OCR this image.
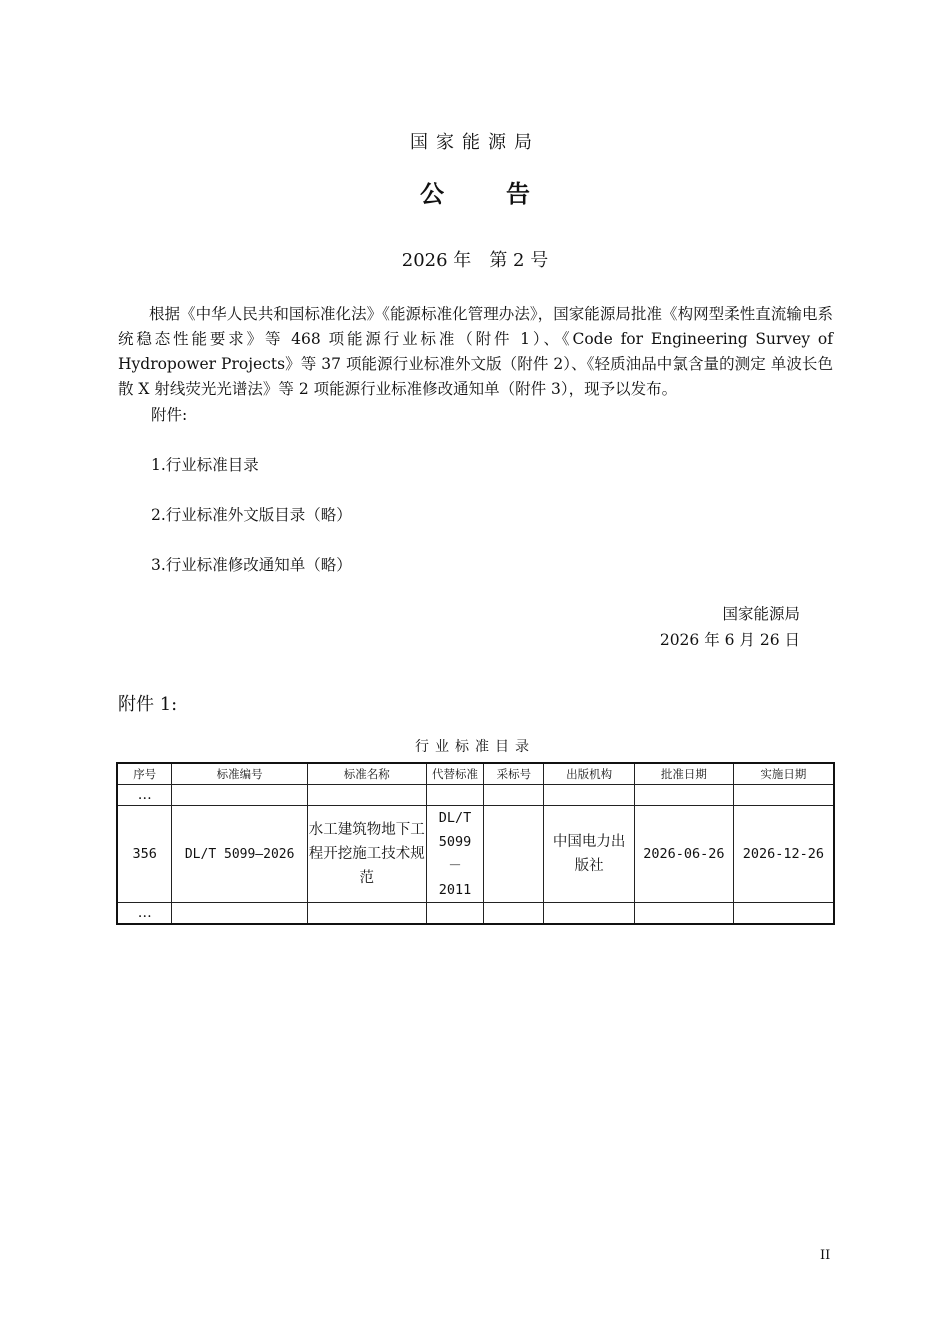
国家能源局
公	告
2026 年 第 2 号
根据《中华人民共和国标准化法》《能源标准化管理办法》，国家能源局批准《构网型柔性直流输电系统稳态性能要求》等 468 项能源行业标准（附件 1）、《Code for Engineering Survey of Hydropower Projects》等 37 项能源行业标准外文版（附件 2）、《轻质油品中氯含量的测定 单波长色散 X 射线荧光光谱法》等 2 项能源行业标准修改通知单（附件 3），现予以发布。
附件:
1.行业标准目录
2.行业标准外文版目录（略）
3.行业标准修改通知单（略）
国家能源局
2026 年 6 月 26 日
附件 1:
行业标准目录
序号	标准编号	标准名称	代替标准	采标号	出版机构	批准日期	实施日期
…							
356	DL/T 5099—2026	水工建筑物地下工程开挖施工技术规范	DL/T 5099－2011		中国电力出版社	2026-06-26	2026-12-26
…							
II
